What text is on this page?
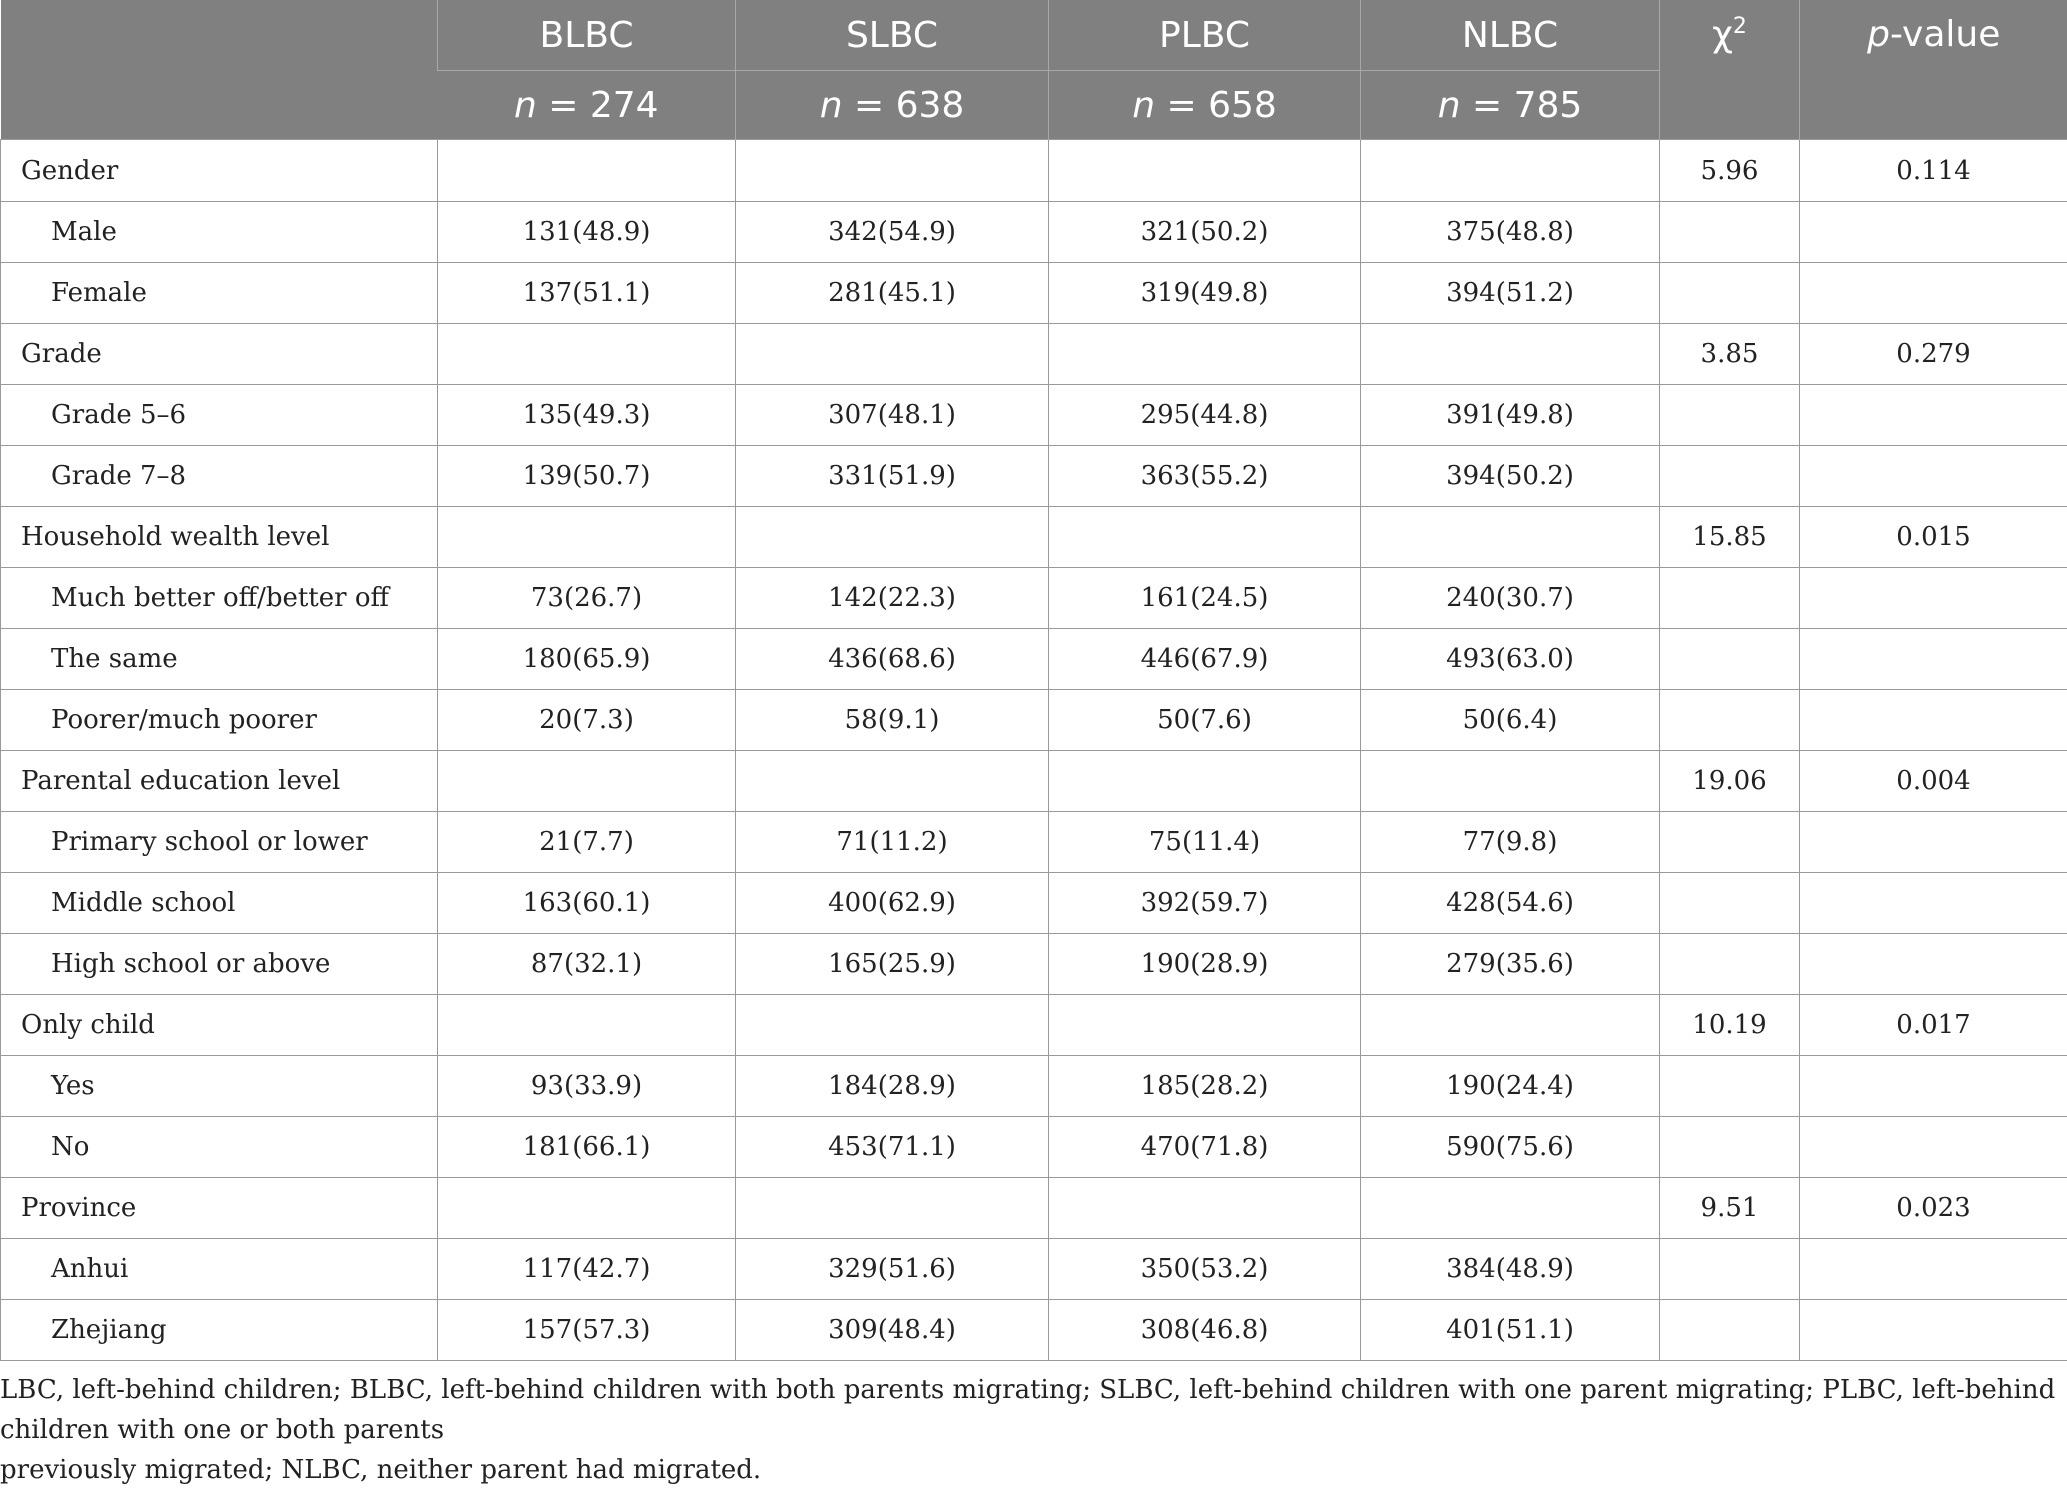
	BLBC	SLBC	PLBC	NLBC	$\chi^2$	p-value
	n = 274	n = 638	n = 658	n = 785		
Gender					5.96	0.114
Male	131(48.9)	342(54.9)	321(50.2)	375(48.8)		
Female	137(51.1)	281(45.1)	319(49.8)	394(51.2)		
Grade					3.85	0.279
Grade 5–6	135(49.3)	307(48.1)	295(44.8)	391(49.8)		
Grade 7–8	139(50.7)	331(51.9)	363(55.2)	394(50.2)		
Household wealth level					15.85	0.015
Much better off/better off	73(26.7)	142(22.3)	161(24.5)	240(30.7)		
The same	180(65.9)	436(68.6)	446(67.9)	493(63.0)		
Poorer/much poorer	20(7.3)	58(9.1)	50(7.6)	50(6.4)		
Parental education level					19.06	0.004
Primary school or lower	21(7.7)	71(11.2)	75(11.4)	77(9.8)		
Middle school	163(60.1)	400(62.9)	392(59.7)	428(54.6)		
High school or above	87(32.1)	165(25.9)	190(28.9)	279(35.6)		
Only child					10.19	0.017
Yes	93(33.9)	184(28.9)	185(28.2)	190(24.4)		
No	181(66.1)	453(71.1)	470(71.8)	590(75.6)		
Province					9.51	0.023
Anhui	117(42.7)	329(51.6)	350(53.2)	384(48.9)		
Zhejiang	157(57.3)	309(48.4)	308(46.8)	401(51.1)		
LBC, left-behind children; BLBC, left-behind children with both parents migrating; SLBC, left-behind children with one parent migrating; PLBC, left-behind children with one or both parents
previously migrated; NLBC, neither parent had migrated.
